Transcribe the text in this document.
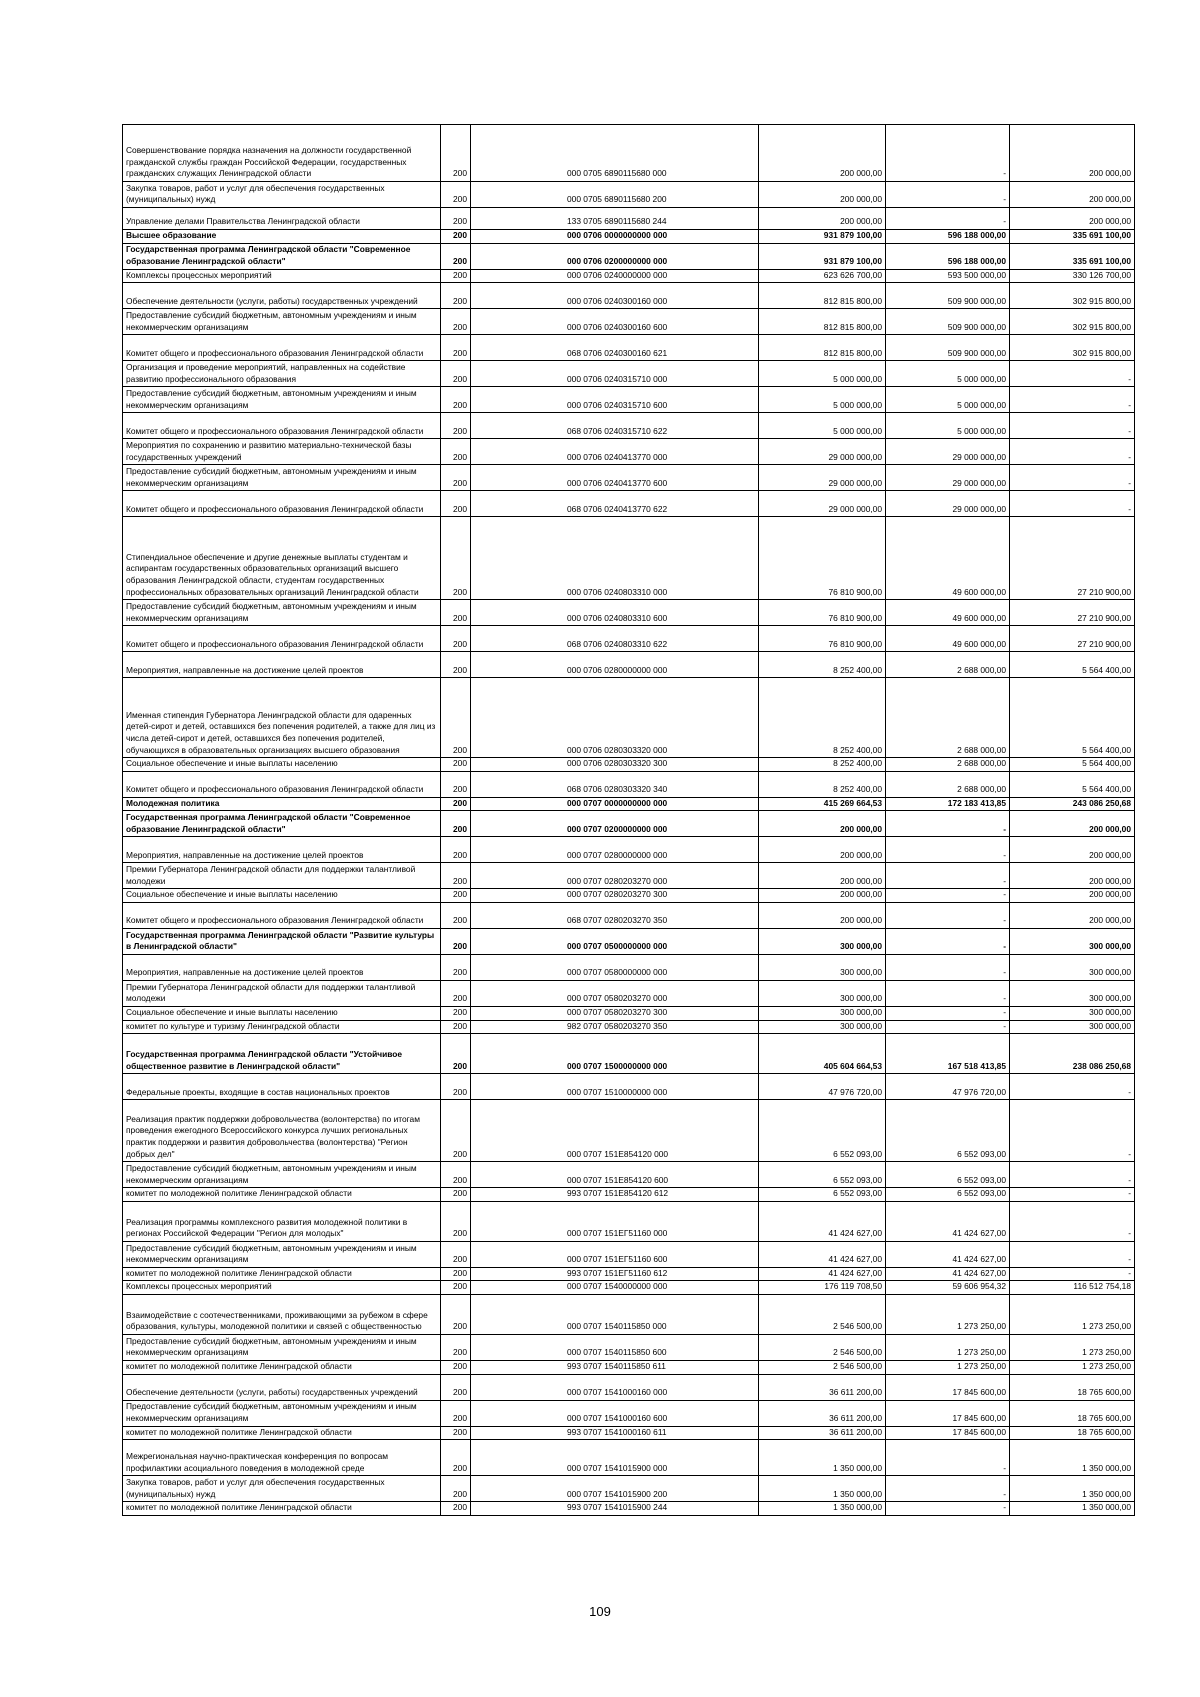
Совершенствование порядка назначения на должности государственной гражданской службы граждан Российской Федерации, государственных гражданских служащих Ленинградской области	200	000 0705 6890115680 000	200 000,00	-	200 000,00
Закупка товаров, работ и услуг для обеспечения государственных (муниципальных) нужд	200	000 0705 6890115680 200	200 000,00	-	200 000,00
Управление делами Правительства Ленинградской области	200	133 0705 6890115680 244	200 000,00	-	200 000,00
Высшее образование	200	000 0706 0000000000 000	931 879 100,00	596 188 000,00	335 691 100,00
Государственная программа Ленинградской области "Современное образование Ленинградской области"	200	000 0706 0200000000 000	931 879 100,00	596 188 000,00	335 691 100,00
Комплексы процессных мероприятий	200	000 0706 0240000000 000	623 626 700,00	593 500 000,00	330 126 700,00
Обеспечение деятельности (услуги, работы) государственных учреждений	200	000 0706 0240300160 000	812 815 800,00	509 900 000,00	302 915 800,00
Предоставление субсидий бюджетным, автономным учреждениям и иным некоммерческим организациям	200	000 0706 0240300160 600	812 815 800,00	509 900 000,00	302 915 800,00
Комитет общего и профессионального образования Ленинградской области	200	068 0706 0240300160 621	812 815 800,00	509 900 000,00	302 915 800,00
Организация и проведение мероприятий, направленных на содействие развитию профессионального образования	200	000 0706 0240315710 000	5 000 000,00	5 000 000,00	-
Предоставление субсидий бюджетным, автономным учреждениям и иным некоммерческим организациям	200	000 0706 0240315710 600	5 000 000,00	5 000 000,00	-
Комитет общего и профессионального образования Ленинградской области	200	068 0706 0240315710 622	5 000 000,00	5 000 000,00	-
Мероприятия по сохранению и развитию материально-технической базы государственных учреждений	200	000 0706 0240413770 000	29 000 000,00	29 000 000,00	-
Предоставление субсидий бюджетным, автономным учреждениям и иным некоммерческим организациям	200	000 0706 0240413770 600	29 000 000,00	29 000 000,00	-
Комитет общего и профессионального образования Ленинградской области	200	068 0706 0240413770 622	29 000 000,00	29 000 000,00	-
Стипендиальное обеспечение и другие денежные выплаты студентам и аспирантам государственных образовательных организаций высшего образования Ленинградской области, студентам государственных профессиональных образовательных организаций Ленинградской области	200	000 0706 0240803310 000	76 810 900,00	49 600 000,00	27 210 900,00
Предоставление субсидий бюджетным, автономным учреждениям и иным некоммерческим организациям	200	000 0706 0240803310 600	76 810 900,00	49 600 000,00	27 210 900,00
Комитет общего и профессионального образования Ленинградской области	200	068 0706 0240803310 622	76 810 900,00	49 600 000,00	27 210 900,00
Мероприятия, направленные на достижение целей проектов	200	000 0706 0280000000 000	8 252 400,00	2 688 000,00	5 564 400,00
Именная стипендия Губернатора Ленинградской области для одаренных детей-сирот и детей, оставшихся без попечения родителей, а также для лиц из числа детей-сирот и детей, оставшихся без попечения родителей, обучающихся в образовательных организациях высшего образования	200	000 0706 0280303320 000	8 252 400,00	2 688 000,00	5 564 400,00
Социальное обеспечение и иные выплаты населению	200	000 0706 0280303320 300	8 252 400,00	2 688 000,00	5 564 400,00
Комитет общего и профессионального образования Ленинградской области	200	068 0706 0280303320 340	8 252 400,00	2 688 000,00	5 564 400,00
Молодежная политика	200	000 0707 0000000000 000	415 269 664,53	172 183 413,85	243 086 250,68
Государственная программа Ленинградской области "Современное образование Ленинградской области"	200	000 0707 0200000000 000	200 000,00	-	200 000,00
Мероприятия, направленные на достижение целей проектов	200	000 0707 0280000000 000	200 000,00	-	200 000,00
Премии Губернатора Ленинградской области для поддержки талантливой молодежи	200	000 0707 0280203270 000	200 000,00	-	200 000,00
Социальное обеспечение и иные выплаты населению	200	000 0707 0280203270 300	200 000,00	-	200 000,00
Комитет общего и профессионального образования Ленинградской области	200	068 0707 0280203270 350	200 000,00	-	200 000,00
Государственная программа Ленинградской области "Развитие культуры в Ленинградской области"	200	000 0707 0500000000 000	300 000,00	-	300 000,00
Мероприятия, направленные на достижение целей проектов	200	000 0707 0580000000 000	300 000,00	-	300 000,00
Премии Губернатора Ленинградской области для поддержки талантливой молодежи	200	000 0707 0580203270 000	300 000,00	-	300 000,00
Социальное обеспечение и иные выплаты населению	200	000 0707 0580203270 300	300 000,00	-	300 000,00
комитет по культуре и туризму Ленинградской области	200	982 0707 0580203270 350	300 000,00	-	300 000,00
Государственная программа Ленинградской области "Устойчивое общественное развитие в Ленинградской области"	200	000 0707 1500000000 000	405 604 664,53	167 518 413,85	238 086 250,68
Федеральные проекты, входящие в состав национальных проектов	200	000 0707 1510000000 000	47 976 720,00	47 976 720,00	-
Реализация практик поддержки добровольчества (волонтерства) по итогам проведения ежегодного Всероссийского конкурса лучших региональных практик поддержки и развития добровольчества (волонтерства) "Регион добрых дел"	200	000 0707 151E854120 000	6 552 093,00	6 552 093,00	-
Предоставление субсидий бюджетным, автономным учреждениям и иным некоммерческим организациям	200	000 0707 151E854120 600	6 552 093,00	6 552 093,00	-
комитет по молодежной политике Ленинградской области	200	993 0707 151E854120 612	6 552 093,00	6 552 093,00	-
Реализация программы комплексного развития молодежной политики в регионах Российской Федерации "Регион для молодых"	200	000 0707 151ЕГ51160 000	41 424 627,00	41 424 627,00	-
Предоставление субсидий бюджетным, автономным учреждениям и иным некоммерческим организациям	200	000 0707 151ЕГ51160 600	41 424 627,00	41 424 627,00	-
комитет по молодежной политике Ленинградской области	200	993 0707 151ЕГ51160 612	41 424 627,00	41 424 627,00	-
Комплексы процессных мероприятий	200	000 0707 1540000000 000	176 119 708,50	59 606 954,32	116 512 754,18
Взаимодействие с соотечественниками, проживающими за рубежом в сфере образования, культуры, молодежной политики и связей с общественностью	200	000 0707 1540115850 000	2 546 500,00	1 273 250,00	1 273 250,00
Предоставление субсидий бюджетным, автономным учреждениям и иным некоммерческим организациям	200	000 0707 1540115850 600	2 546 500,00	1 273 250,00	1 273 250,00
комитет по молодежной политике Ленинградской области	200	993 0707 1540115850 611	2 546 500,00	1 273 250,00	1 273 250,00
Обеспечение деятельности (услуги, работы) государственных учреждений	200	000 0707 1541000160 000	36 611 200,00	17 845 600,00	18 765 600,00
Предоставление субсидий бюджетным, автономным учреждениям и иным некоммерческим организациям	200	000 0707 1541000160 600	36 611 200,00	17 845 600,00	18 765 600,00
комитет по молодежной политике Ленинградской области	200	993 0707 1541000160 611	36 611 200,00	17 845 600,00	18 765 600,00
Межрегиональная научно-практическая конференция по вопросам профилактики асоциального поведения в молодежной среде	200	000 0707 1541015900 000	1 350 000,00	-	1 350 000,00
Закупка товаров, работ и услуг для обеспечения государственных (муниципальных) нужд	200	000 0707 1541015900 200	1 350 000,00	-	1 350 000,00
комитет по молодежной политике Ленинградской области	200	993 0707 1541015900 244	1 350 000,00	-	1 350 000,00
109
